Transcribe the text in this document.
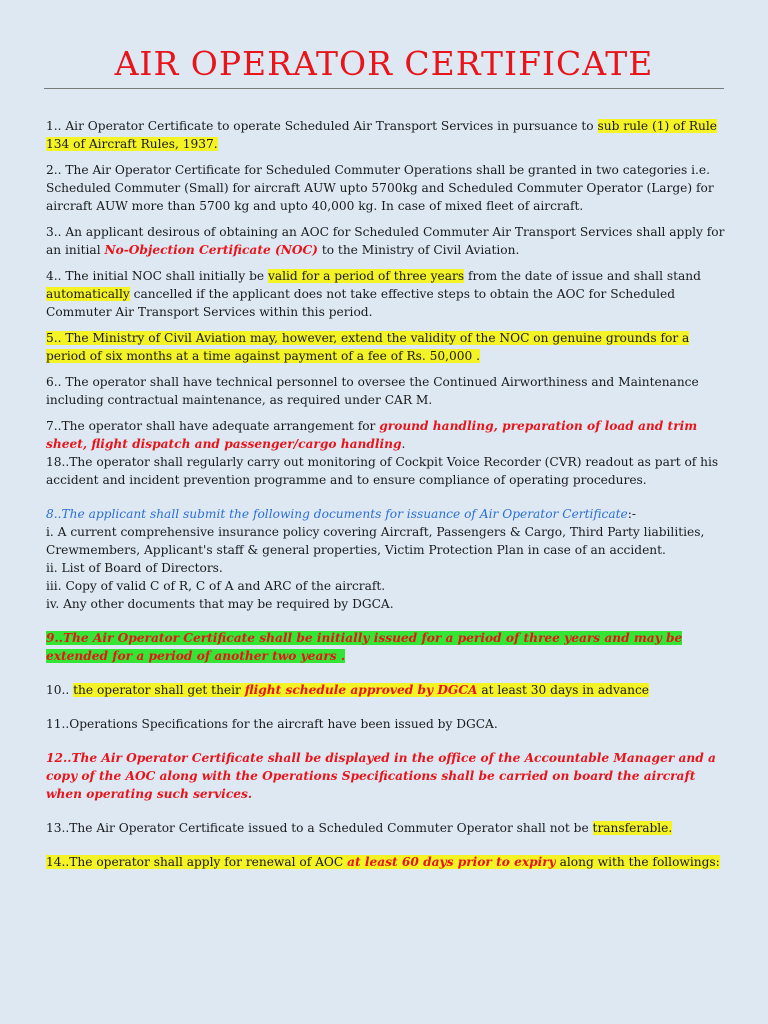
AIR OPERATOR CERTIFICATE

1.. Air Operator Certificate to operate Scheduled Air Transport Services in pursuance to sub rule (1) of Rule 134 of Aircraft Rules, 1937.

2.. The Air Operator Certificate for Scheduled Commuter Operations shall be granted in two categories i.e. Scheduled Commuter (Small) for aircraft AUW upto 5700kg and Scheduled Commuter Operator (Large) for aircraft AUW more than 5700 kg and upto 40,000 kg. In case of mixed fleet of aircraft.

3.. An applicant desirous of obtaining an AOC for Scheduled Commuter Air Transport Services shall apply for an initial No-Objection Certificate (NOC) to the Ministry of Civil Aviation.

4.. The initial NOC shall initially be valid for a period of three years from the date of issue and shall stand automatically cancelled if the applicant does not take effective steps to obtain the AOC for Scheduled Commuter Air Transport Services within this period.

5.. The Ministry of Civil Aviation may, however, extend the validity of the NOC on genuine grounds for a period of six months at a time against payment of a fee of Rs. 50,000 .

6.. The operator shall have technical personnel to oversee the Continued Airworthiness and Maintenance including contractual maintenance, as required under CAR M.

7..The operator shall have adequate arrangement for ground handling, preparation of load and trim sheet, flight dispatch and passenger/cargo handling.

18..The operator shall regularly carry out monitoring of Cockpit Voice Recorder (CVR) readout as part of his accident and incident prevention programme and to ensure compliance of operating procedures.

8..The applicant shall submit the following documents for issuance of Air Operator Certificate:-

i. A current comprehensive insurance policy covering Aircraft, Passengers & Cargo, Third Party liabilities, Crewmembers, Applicant's staff & general properties, Victim Protection Plan in case of an accident.

ii. List of Board of Directors.

iii. Copy of valid C of R, C of A and ARC of the aircraft.

iv. Any other documents that may be required by DGCA.

9..The Air Operator Certificate shall be initially issued for a period of three years and may be extended for a period of another two years .

10.. the operator shall get their flight schedule approved by DGCA at least 30 days in advance

11..Operations Specifications for the aircraft have been issued by DGCA.

12..The Air Operator Certificate shall be displayed in the office of the Accountable Manager and a copy of the AOC along with the Operations Specifications shall be carried on board the aircraft when operating such services.

13..The Air Operator Certificate issued to a Scheduled Commuter Operator shall not be transferable.

14..The operator shall apply for renewal of AOC at least 60 days prior to expiry along with the followings:
